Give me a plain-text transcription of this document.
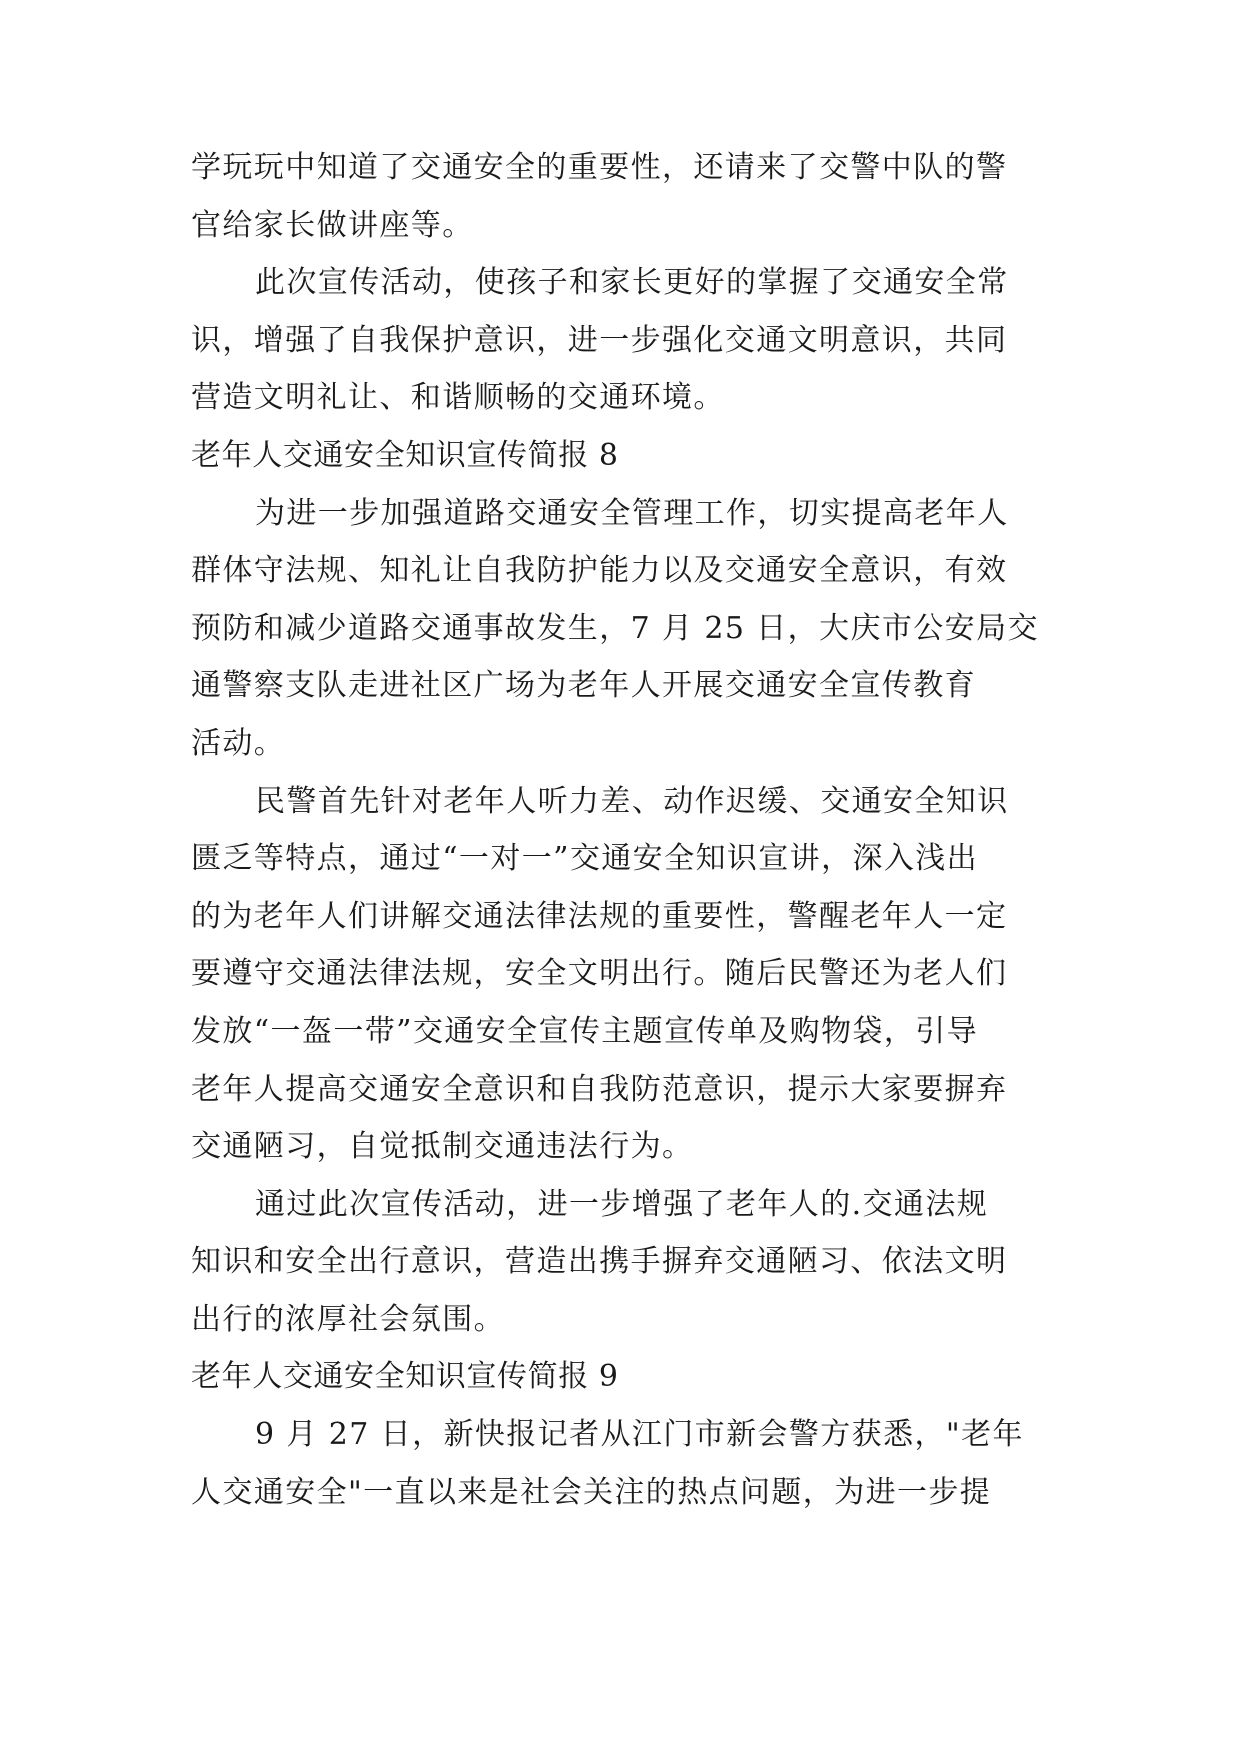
学玩玩中知道了交通安全的重要性，还请来了交警中队的警
官给家长做讲座等。
此次宣传活动，使孩子和家长更好的掌握了交通安全常
识，增强了自我保护意识，进一步强化交通文明意识，共同
营造文明礼让、和谐顺畅的交通环境。
老年人交通安全知识宣传简报 8
为进一步加强道路交通安全管理工作，切实提高老年人
群体守法规、知礼让自我防护能力以及交通安全意识，有效
预防和减少道路交通事故发生，7 月 25 日，大庆市公安局交
通警察支队走进社区广场为老年人开展交通安全宣传教育
活动。
民警首先针对老年人听力差、动作迟缓、交通安全知识
匮乏等特点，通过“一对一”交通安全知识宣讲，深入浅出
的为老年人们讲解交通法律法规的重要性，警醒老年人一定
要遵守交通法律法规，安全文明出行。随后民警还为老人们
发放“一盔一带”交通安全宣传主题宣传单及购物袋，引导
老年人提高交通安全意识和自我防范意识，提示大家要摒弃
交通陋习，自觉抵制交通违法行为。
通过此次宣传活动，进一步增强了老年人的.交通法规
知识和安全出行意识，营造出携手摒弃交通陋习、依法文明
出行的浓厚社会氛围。
老年人交通安全知识宣传简报 9
9 月 27 日，新快报记者从江门市新会警方获悉，"老年
人交通安全"一直以来是社会关注的热点问题，为进一步提
